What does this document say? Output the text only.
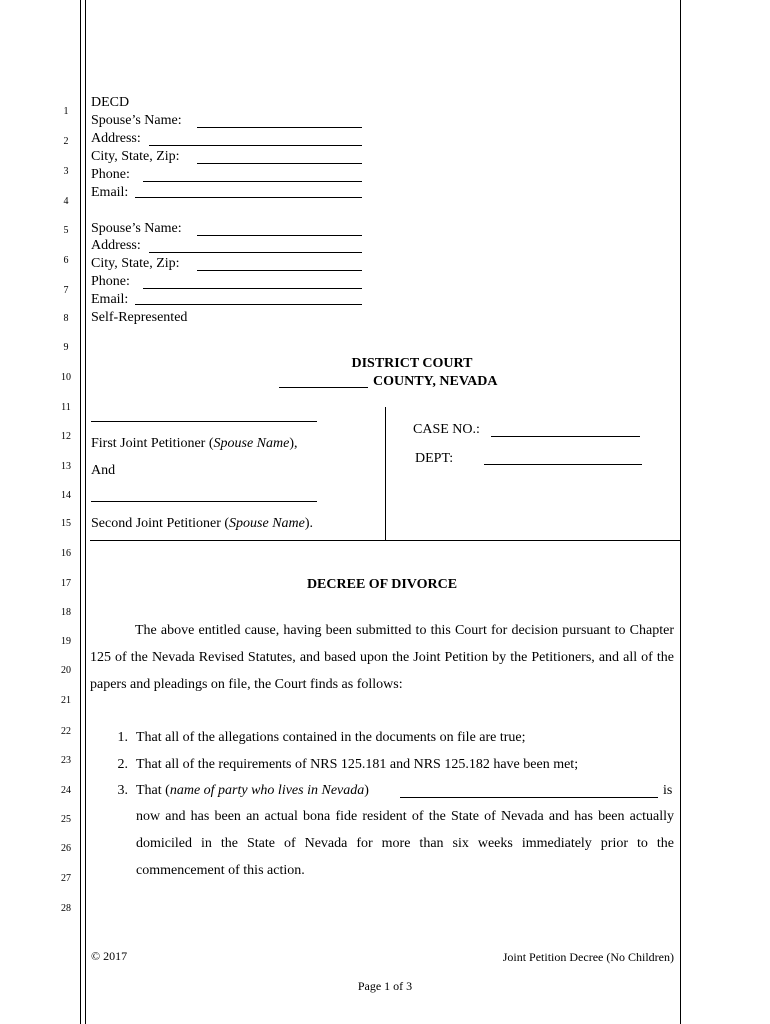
1
2
3
4
5
6
7
8
9
10
11
12
13
14
15
16
17
18
19
20
21
22
23
24
25
26
27
28
DECD
Spouse’s Name:
Address:
City, State, Zip:
Phone:
Email:
Spouse’s Name:
Address:
City, State, Zip:
Phone:
Email:
Self-Represented
DISTRICT COURT
COUNTY, NEVADA
First Joint Petitioner (Spouse Name),
And
Second Joint Petitioner (Spouse Name).
CASE NO.:
DEPT:
DECREE OF DIVORCE
The above entitled cause, having been submitted to this Court for decision pursuant to Chapter 125 of the Nevada Revised Statutes, and based upon the Joint Petition by the Petitioners, and all of the papers and pleadings on file, the Court finds as follows:
1. That all of the allegations contained in the documents on file are true;
2. That all of the requirements of NRS 125.181 and NRS 125.182 have been met;
3. That (name of party who lives in Nevada)	is
now and has been an actual bona fide resident of the State of Nevada and has been actually domiciled in the State of Nevada for more than six weeks immediately prior to the commencement of this action.
© 2017	Joint Petition Decree (No Children)
Page 1 of 3
